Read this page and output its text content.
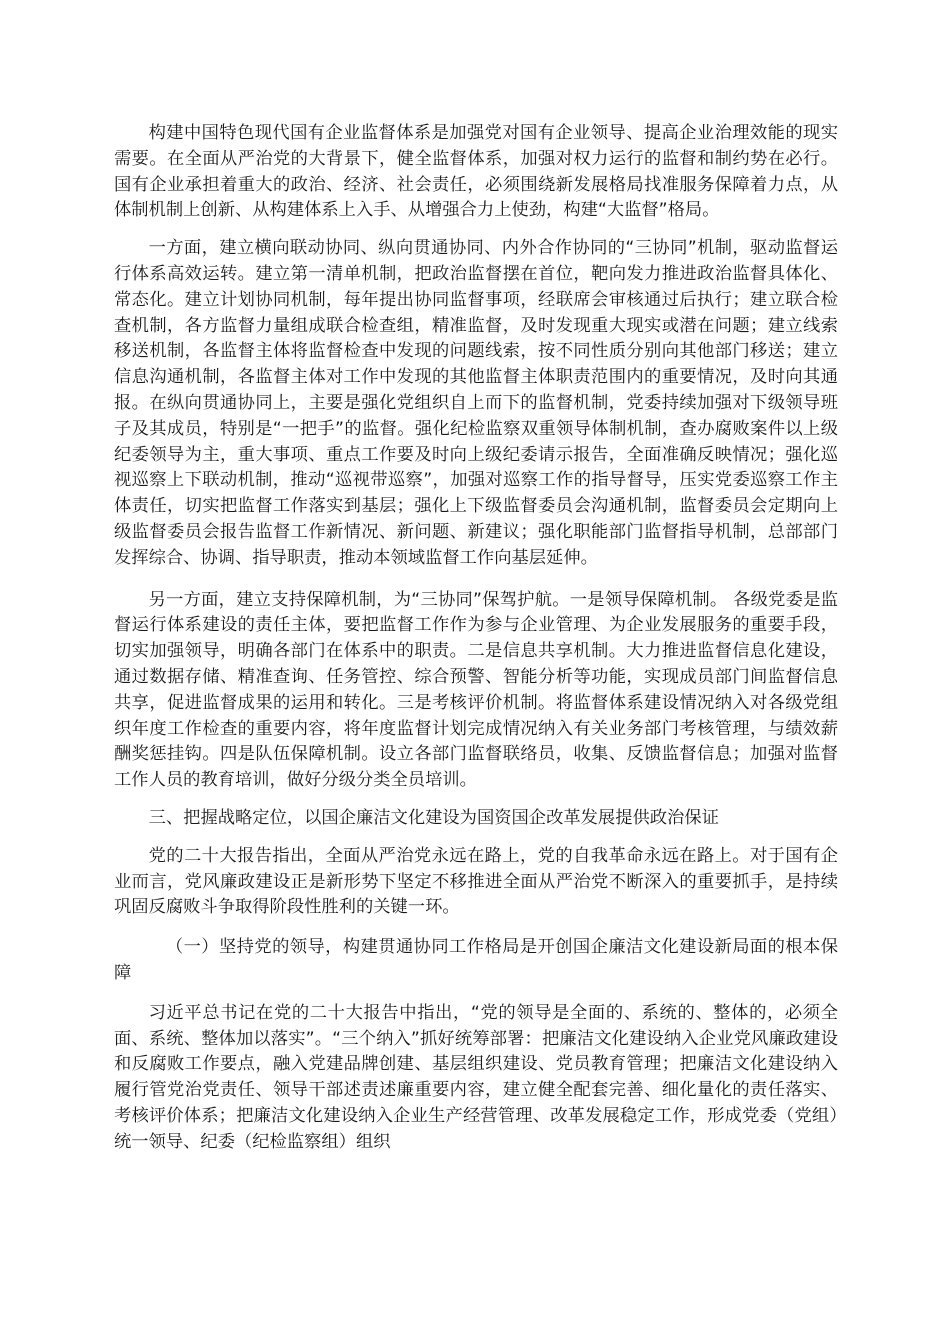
构建中国特色现代国有企业监督体系是加强党对国有企业领导、提高企业治理效能的现实需要。在全面从严治党的大背景下，健全监督体系，加强对权力运行的监督和制约势在必行。国有企业承担着重大的政治、经济、社会责任，必须围绕新发展格局找准服务保障着力点，从体制机制上创新、从构建体系上入手、从增强合力上使劲，构建“大监督”格局。

一方面，建立横向联动协同、纵向贯通协同、内外合作协同的“三协同”机制，驱动监督运行体系高效运转。建立第一清单机制，把政治监督摆在首位，靶向发力推进政治监督具体化、常态化。建立计划协同机制，每年提出协同监督事项，经联席会审核通过后执行；建立联合检查机制，各方监督力量组成联合检查组，精准监督，及时发现重大现实或潜在问题；建立线索移送机制，各监督主体将监督检查中发现的问题线索，按不同性质分别向其他部门移送；建立信息沟通机制，各监督主体对工作中发现的其他监督主体职责范围内的重要情况，及时向其通报。在纵向贯通协同上，主要是强化党组织自上而下的监督机制，党委持续加强对下级领导班子及其成员，特别是“一把手”的监督。强化纪检监察双重领导体制机制，查办腐败案件以上级纪委领导为主，重大事项、重点工作要及时向上级纪委请示报告，全面准确反映情况；强化巡视巡察上下联动机制，推动“巡视带巡察”，加强对巡察工作的指导督导，压实党委巡察工作主体责任，切实把监督工作落实到基层；强化上下级监督委员会沟通机制，监督委员会定期向上级监督委员会报告监督工作新情况、新问题、新建议；强化职能部门监督指导机制，总部部门发挥综合、协调、指导职责，推动本领域监督工作向基层延伸。

另一方面，建立支持保障机制，为“三协同”保驾护航。一是领导保障机制。 各级党委是监督运行体系建设的责任主体，要把监督工作作为参与企业管理、为企业发展服务的重要手段，切实加强领导，明确各部门在体系中的职责。二是信息共享机制。大力推进监督信息化建设，通过数据存储、精准查询、任务管控、综合预警、智能分析等功能，实现成员部门间监督信息共享，促进监督成果的运用和转化。三是考核评价机制。将监督体系建设情况纳入对各级党组织年度工作检查的重要内容，将年度监督计划完成情况纳入有关业务部门考核管理，与绩效薪酬奖惩挂钩。四是队伍保障机制。设立各部门监督联络员，收集、反馈监督信息；加强对监督工作人员的教育培训，做好分级分类全员培训。

三、把握战略定位，以国企廉洁文化建设为国资国企改革发展提供政治保证

党的二十大报告指出，全面从严治党永远在路上，党的自我革命永远在路上。对于国有企业而言，党风廉政建设正是新形势下坚定不移推进全面从严治党不断深入的重要抓手，是持续巩固反腐败斗争取得阶段性胜利的关键一环。

（一）坚持党的领导，构建贯通协同工作格局是开创国企廉洁文化建设新局面的根本保障

习近平总书记在党的二十大报告中指出，“党的领导是全面的、系统的、整体的，必须全面、系统、整体加以落实”。“三个纳入”抓好统筹部署：把廉洁文化建设纳入企业党风廉政建设和反腐败工作要点，融入党建品牌创建、基层组织建设、党员教育管理；把廉洁文化建设纳入履行管党治党责任、领导干部述责述廉重要内容，建立健全配套完善、细化量化的责任落实、考核评价体系；把廉洁文化建设纳入企业生产经营管理、改革发展稳定工作，形成党委（党组）统一领导、纪委（纪检监察组）组织
